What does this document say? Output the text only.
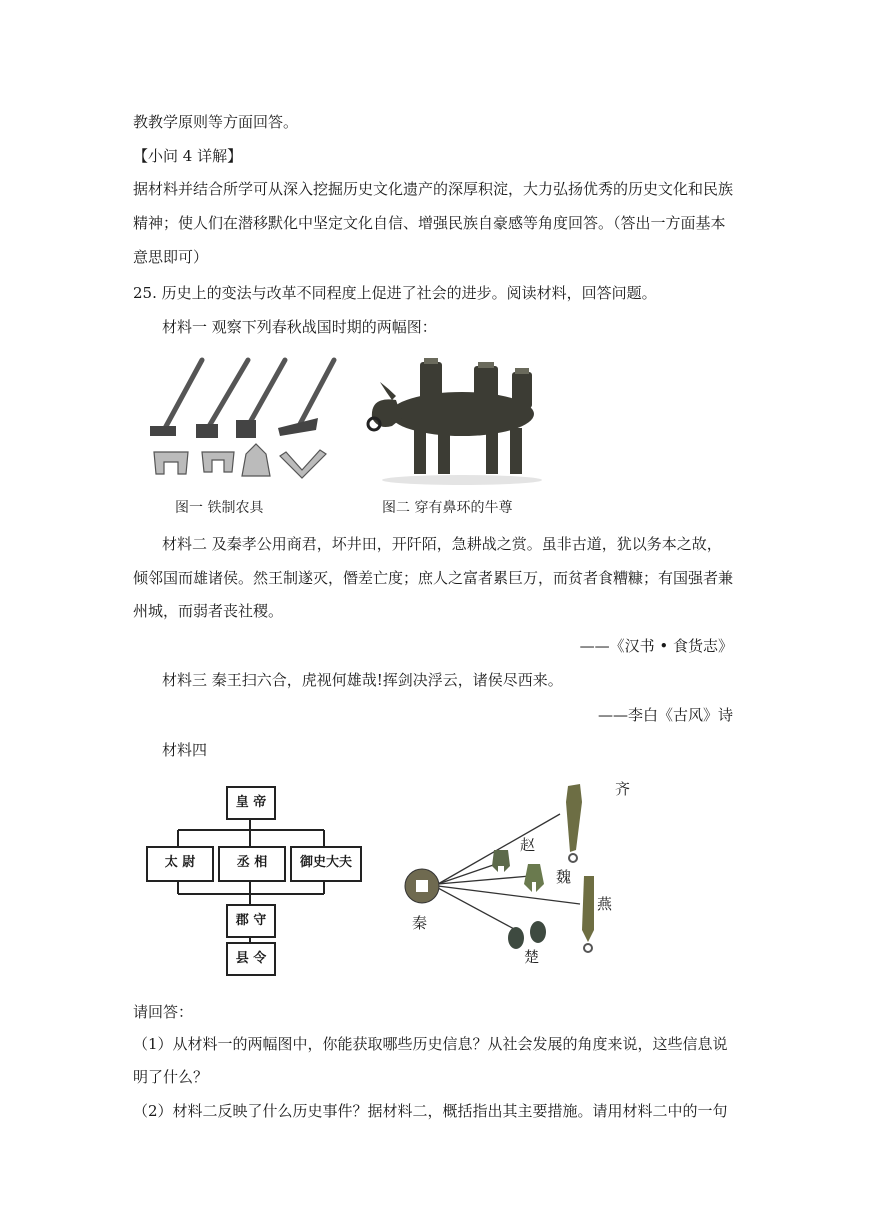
教教学原则等方面回答。
【小问 4 详解】
据材料并结合所学可从深入挖掘历史文化遗产的深厚积淀，大力弘扬优秀的历史文化和民族
精神；使人们在潜移默化中坚定文化自信、增强民族自豪感等角度回答。（答出一方面基本
意思即可）
25. 历史上的变法与改革不同程度上促进了社会的进步。阅读材料，回答问题。
材料一 观察下列春秋战国时期的两幅图：
图一 铁制农具	图二 穿有鼻环的牛尊
材料二 及秦孝公用商君，坏井田，开阡陌，急耕战之赏。虽非古道，犹以务本之故，
倾邻国而雄诸侯。然王制遂灭，僭差亡度；庶人之富者累巨万，而贫者食糟糠；有国强者兼
州城，而弱者丧社稷。
——《汉书 • 食货志》
材料三 秦王扫六合，虎视何雄哉!挥剑决浮云，诸侯尽西来。
——李白《古风》诗
材料四
皇 帝
太 尉	丞 相	御史大夫
郡 守
县 令
秦
齐
赵
魏
燕
楚
请回答：
（1）从材料一的两幅图中，你能获取哪些历史信息？从社会发展的角度来说，这些信息说
明了什么？
（2）材料二反映了什么历史事件？据材料二，概括指出其主要措施。请用材料二中的一句
